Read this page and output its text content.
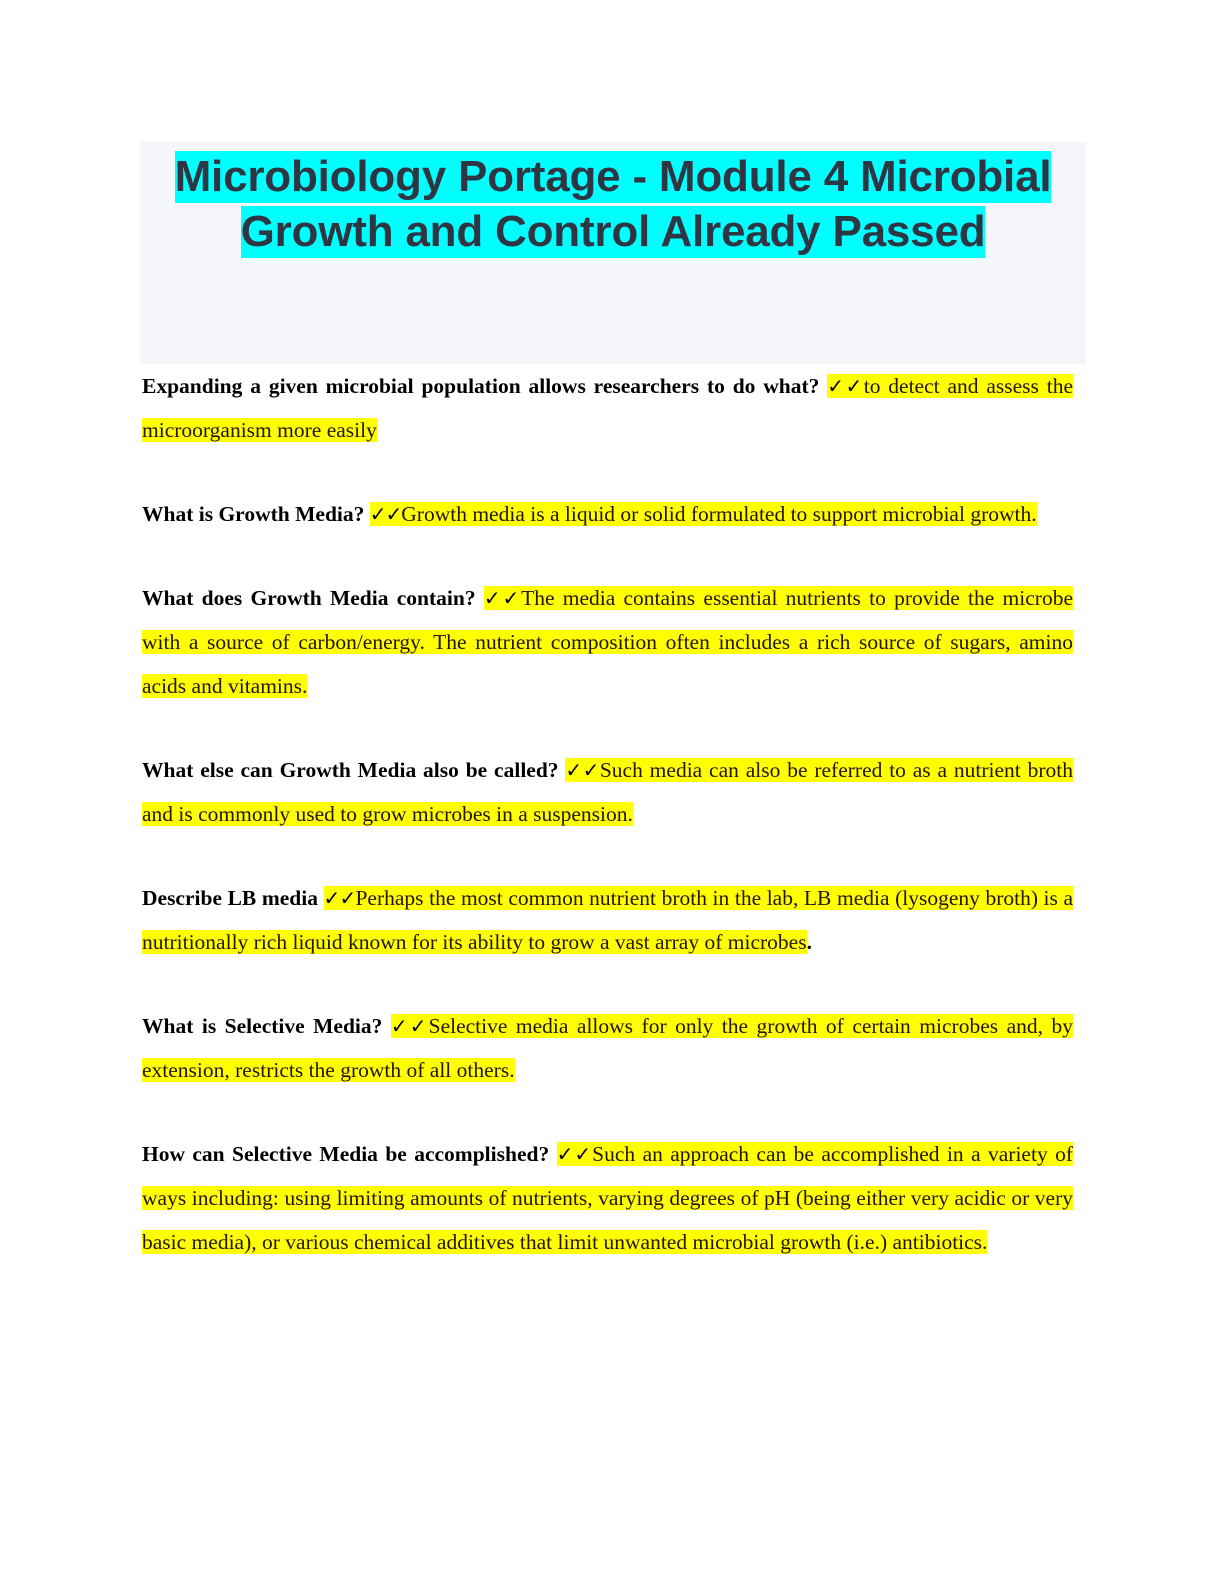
Microbiology Portage - Module 4 Microbial Growth and Control Already Passed

Expanding a given microbial population allows researchers to do what? ✓✓to detect and assess the microorganism more easily

What is Growth Media? ✓✓Growth media is a liquid or solid formulated to support microbial growth.

What does Growth Media contain? ✓✓The media contains essential nutrients to provide the microbe with a source of carbon/energy. The nutrient composition often includes a rich source of sugars, amino acids and vitamins.

What else can Growth Media also be called? ✓✓Such media can also be referred to as a nutrient broth and is commonly used to grow microbes in a suspension.

Describe LB media ✓✓Perhaps the most common nutrient broth in the lab, LB media (lysogeny broth) is a nutritionally rich liquid known for its ability to grow a vast array of microbes.

What is Selective Media? ✓✓Selective media allows for only the growth of certain microbes and, by extension, restricts the growth of all others.

How can Selective Media be accomplished? ✓✓Such an approach can be accomplished in a variety of ways including: using limiting amounts of nutrients, varying degrees of pH (being either very acidic or very basic media), or various chemical additives that limit unwanted microbial growth (i.e.) antibiotics.
